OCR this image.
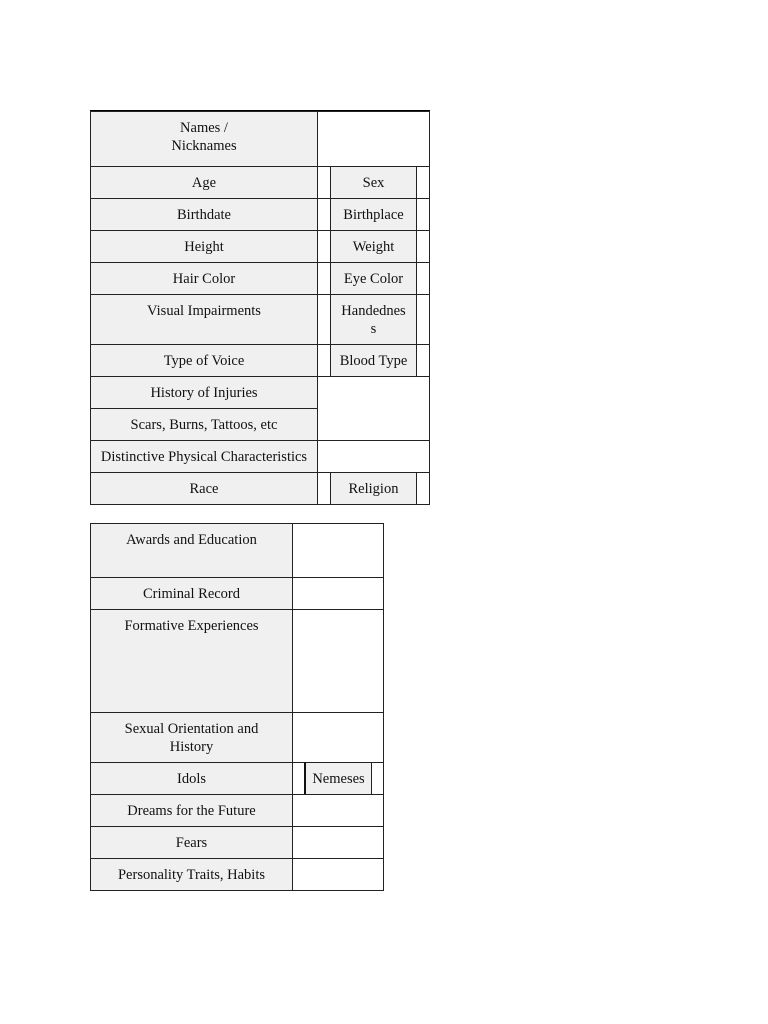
Names /
Nicknames
Age	Sex
Birthdate	Birthplace
Height	Weight
Hair Color	Eye Color
Visual Impairments	Handednes
s
Type of Voice	Blood Type
History of Injuries
Scars, Burns, Tattoos, etc
Distinctive Physical Characteristics
Race	Religion
Awards and Education
Criminal Record
Formative Experiences
Sexual Orientation and History
Idols	Nemeses
Dreams for the Future
Fears
Personality Traits, Habits
